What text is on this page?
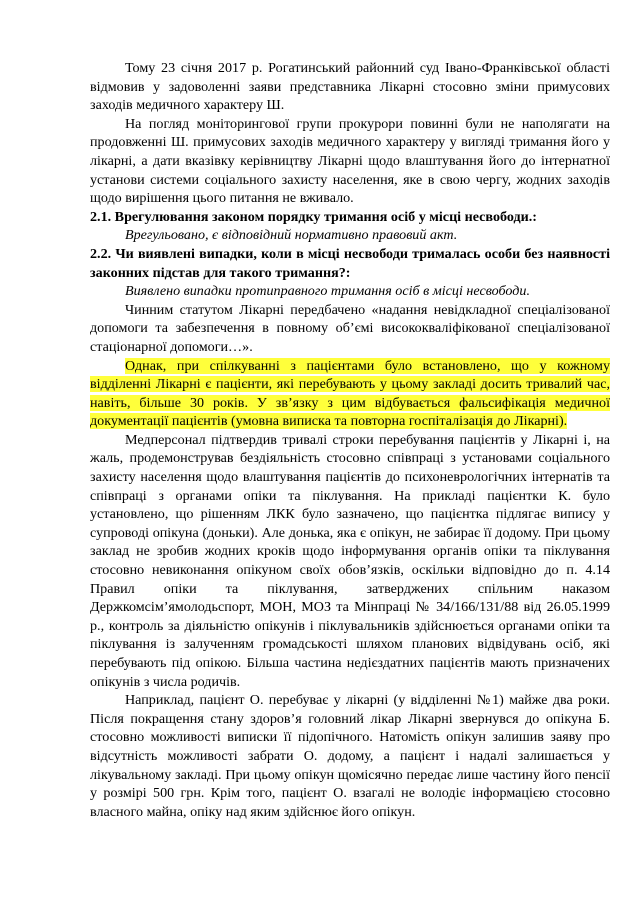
Тому 23 січня 2017 р. Рогатинський районний суд Івано-Франківської області відмовив у задоволенні заяви представника Лікарні стосовно зміни примусових заходів медичного характеру Ш.

На погляд моніторингової групи прокурори повинні були не наполягати на продовженні Ш. примусових заходів медичного характеру у вигляді тримання його у лікарні, а дати вказівку керівництву Лікарні щодо влаштування його до інтернатної установи системи соціального захисту населення, яке в свою чергу, жодних заходів щодо вирішення цього питання не вживало.

2.1. Врегулювання законом порядку тримання осіб у місці несвободи.:

Врегульовано, є відповідний нормативно правовий акт.

2.2. Чи виявлені випадки, коли в місці несвободи трималась особи без наявності законних підстав для такого тримання?:

Виявлено випадки протиправного тримання осіб в місці несвободи.

Чинним статутом Лікарні передбачено «надання невідкладної спеціалізованої допомоги та забезпечення в повному об’ємі висококваліфікованої спеціалізованої стаціонарної допомоги…».

Однак, при спілкуванні з пацієнтами було встановлено, що у кожному відділенні Лікарні є пацієнти, які перебувають у цьому закладі досить тривалий час, навіть, більше 30 років. У зв’язку з цим відбувається фальсифікація медичної документації пацієнтів (умовна виписка та повторна госпіталізація до Лікарні).

Медперсонал підтвердив тривалі строки перебування пацієнтів у Лікарні і, на жаль, продемонстрував бездіяльність стосовно співпраці з установами соціального захисту населення щодо влаштування пацієнтів до психоневрологічних інтернатів та співпраці з органами опіки та піклування. На прикладі пацієнтки К. було установлено, що рішенням ЛКК було зазначено, що пацієнтка підлягає випису у супроводі опікуна (доньки). Але донька, яка є опікун, не забирає її додому. При цьому заклад не зробив жодних кроків щодо інформування органів опіки та піклування стосовно невиконання опікуном своїх обов’язків, оскільки відповідно до п. 4.14 Правил опіки та піклування, затверджених спільним наказом Держкомсім’ямолодьспорт, МОН, МОЗ та Мінпраці № 34/166/131/88 від 26.05.1999 р., контроль за діяльністю опікунів і піклувальників здійснюється органами опіки та піклування із залученням громадськості шляхом планових відвідувань осіб, які перебувають під опікою. Більша частина недієздатних пацієнтів мають призначених опікунів з числа родичів.

Наприклад, пацієнт О. перебуває у лікарні (у відділенні №1) майже два роки. Після покращення стану здоров’я головний лікар Лікарні звернувся до опікуна Б. стосовно можливості виписки її підопічного. Натомість опікун залишив заяву про відсутність можливості забрати О. додому, а пацієнт і надалі залишається у лікувальному закладі. При цьому опікун щомісячно передає лише частину його пенсії у розмірі 500 грн. Крім того, пацієнт О. взагалі не володіє інформацією стосовно власного майна, опіку над яким здійснює його опікун.
